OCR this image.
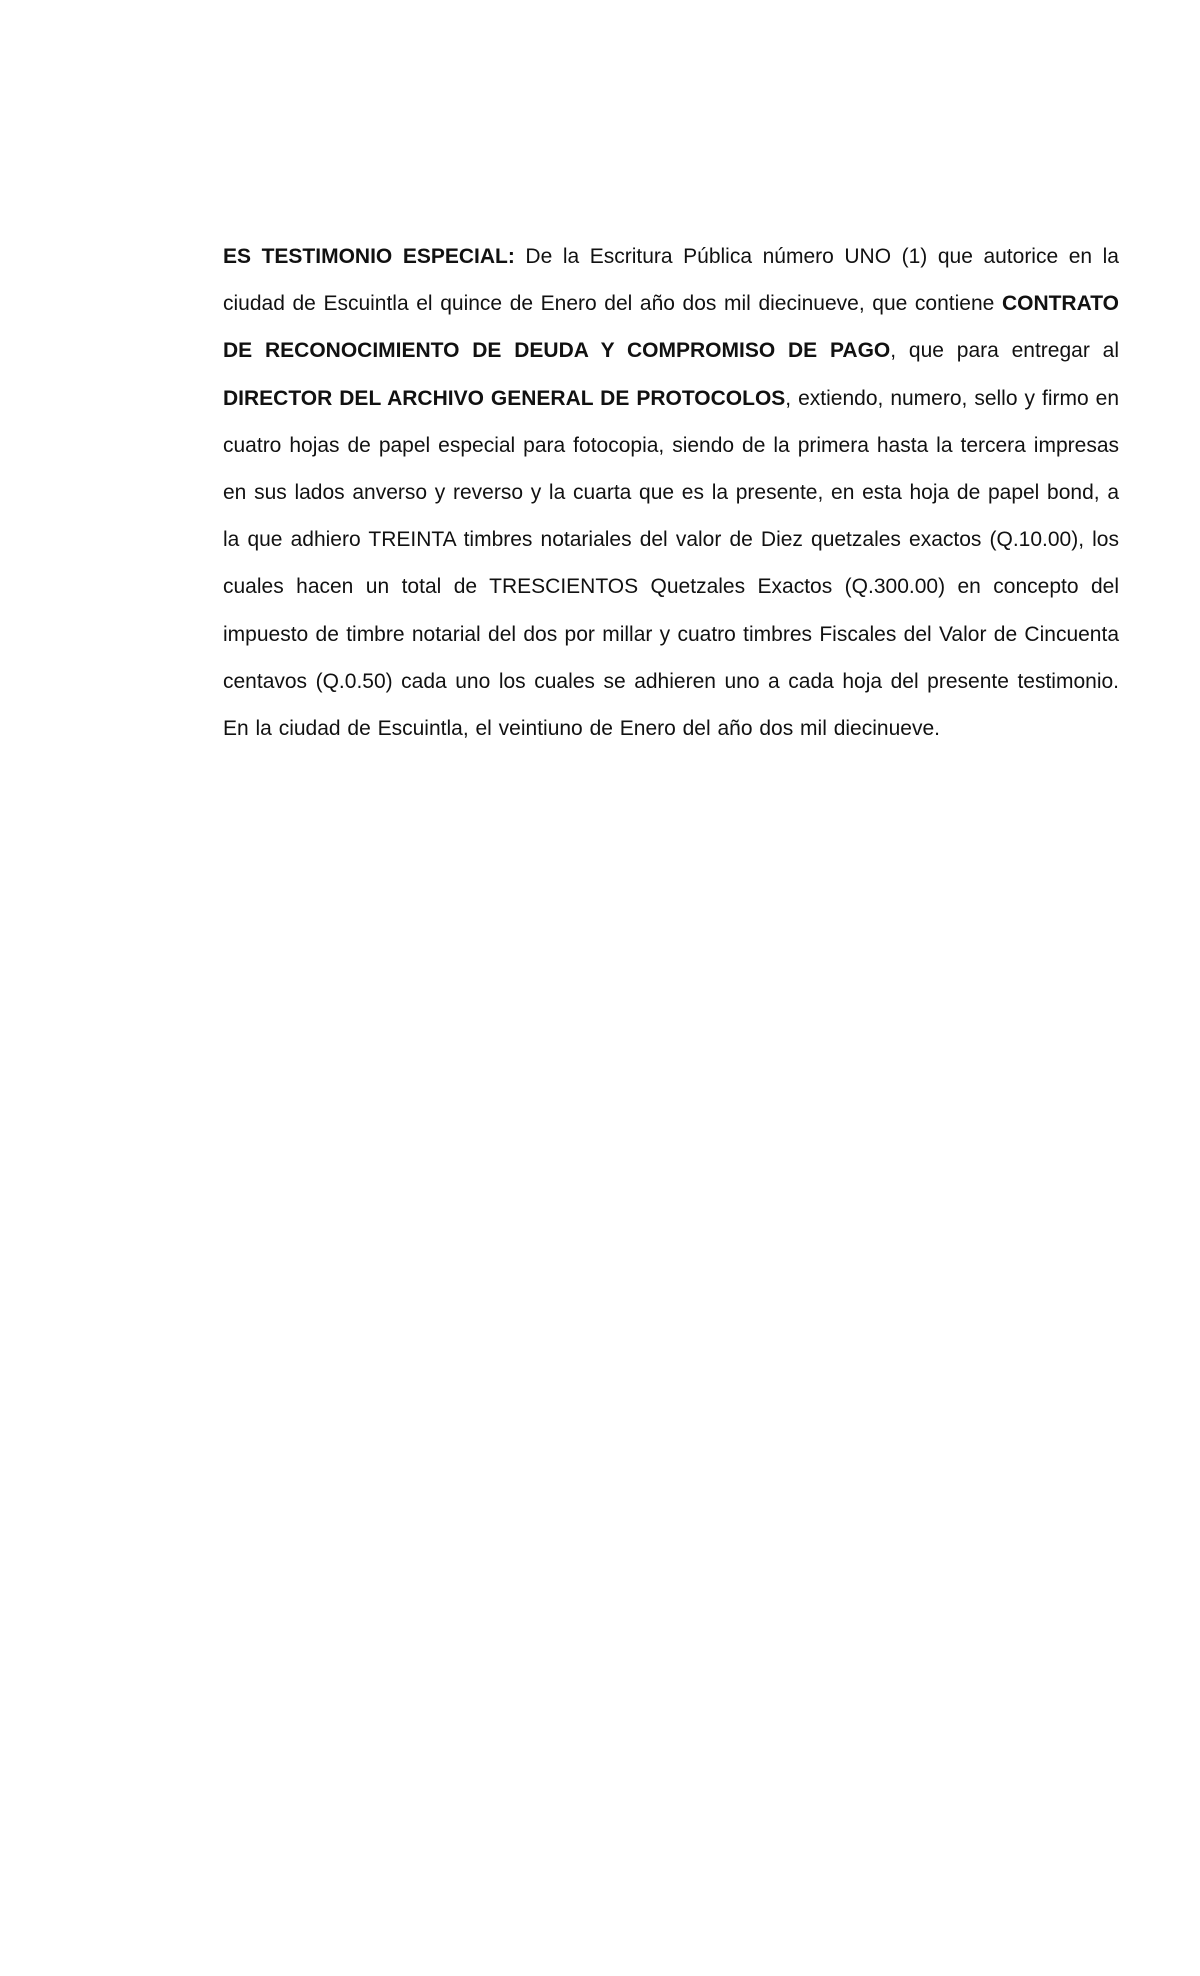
ES TESTIMONIO ESPECIAL: De la Escritura Pública número UNO (1) que autorice en la ciudad de Escuintla el quince de Enero del año dos mil diecinueve, que contiene CONTRATO DE RECONOCIMIENTO DE DEUDA Y COMPROMISO DE PAGO, que para entregar al DIRECTOR DEL ARCHIVO GENERAL DE PROTOCOLOS, extiendo, numero, sello y firmo en cuatro hojas de papel especial para fotocopia, siendo de la primera hasta la tercera impresas en sus lados anverso y reverso y la cuarta que es la presente, en esta hoja de papel bond, a la que adhiero TREINTA timbres notariales del valor de Diez quetzales exactos (Q.10.00), los cuales hacen un total de TRESCIENTOS Quetzales Exactos (Q.300.00) en concepto del impuesto de timbre notarial del dos por millar y cuatro timbres Fiscales del Valor de Cincuenta centavos (Q.0.50) cada uno los cuales se adhieren uno a cada hoja del presente testimonio. En la ciudad de Escuintla, el veintiuno de Enero del año dos mil diecinueve.
